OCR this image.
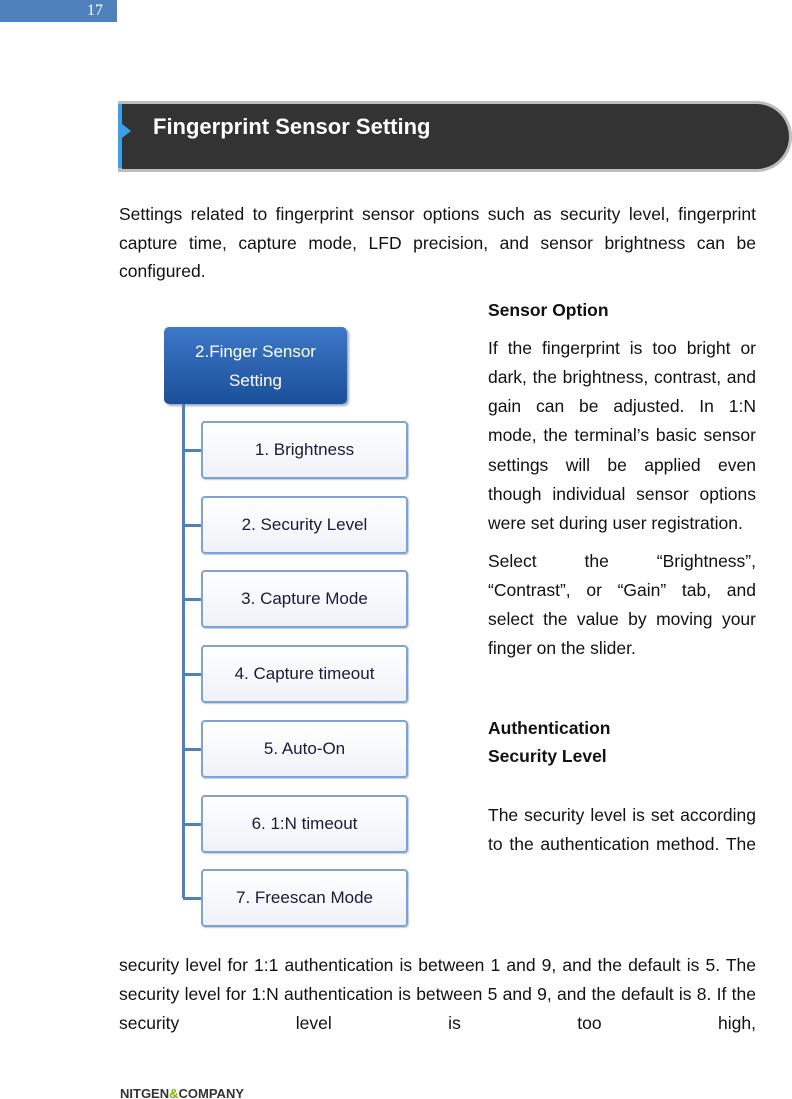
17
Fingerprint Sensor Setting
Settings related to fingerprint sensor options such as security level, fingerprint capture time, capture mode, LFD precision, and sensor brightness can be configured.
2.Finger Sensor
Setting
1. Brightness
2. Security Level
3. Capture Mode
4. Capture timeout
5. Auto-On
6. 1:N timeout
7. Freescan Mode
Sensor Option
If the fingerprint is too bright or dark, the brightness, contrast, and gain can be adjusted. In 1:N mode, the terminal’s basic sensor settings will be applied even though individual sensor options were set during user registration.
Select the “Brightness”, “Contrast”, or “Gain” tab, and select the value by moving your finger on the slider.
Authentication
Security Level
The security level is set according to the authentication method. The
security level for 1:1 authentication is between 1 and 9, and the default is 5. The security level for 1:N authentication is between 5 and 9, and the default is 8. If the security level is too high,
NITGEN&COMPANY
